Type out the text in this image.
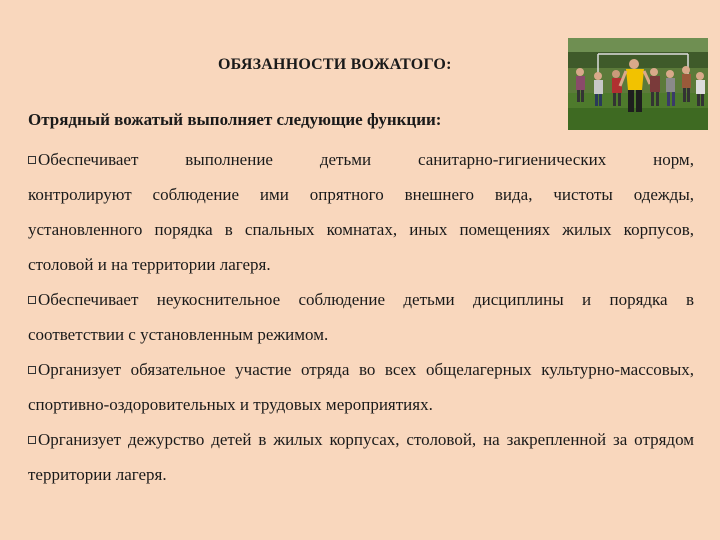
ОБЯЗАННОСТИ ВОЖАТОГО:
Отрядный вожатый выполняет следующие функции:

Обеспечивает	выполнение	детьми	санитарно-гигиенических	норм,
контролируют соблюдение ими опрятного внешнего вида, чистоты одежды, установленного порядка в спальных комнатах, иных помещениях жилых корпусов, столовой и на территории лагеря.

Обеспечивает неукоснительное соблюдение детьми дисциплины и порядка в соответствии с установленным режимом.

Организует обязательное участие отряда во всех общелагерных культурно-массовых, спортивно-оздоровительных и трудовых мероприятиях.

Организует дежурство детей в жилых корпусах, столовой, на закрепленной за отрядом территории лагеря.
